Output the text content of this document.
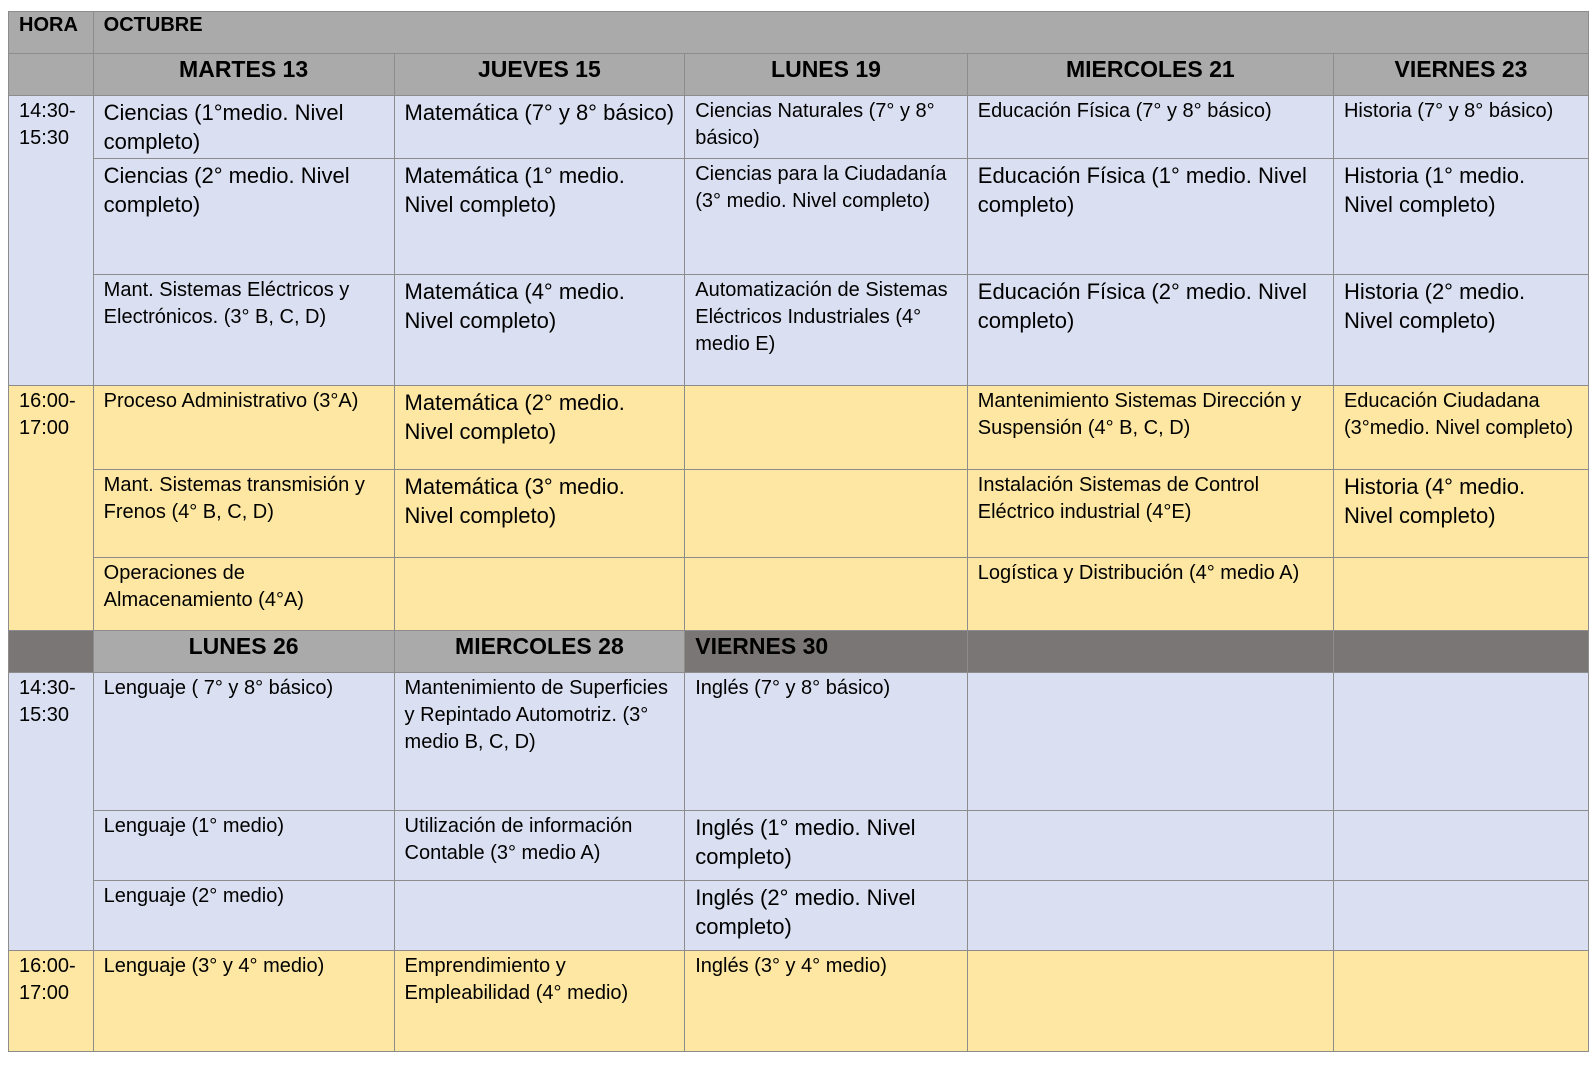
HORA	OCTUBRE				
	MARTES 13	JUEVES 15	LUNES 19	MIERCOLES 21	VIERNES 23
14:30-
15:30	Ciencias (1°medio. Nivel completo)	Matemática (7° y 8° básico)	Ciencias Naturales (7° y 8° básico)	Educación Física (7° y 8° básico)	Historia (7° y 8° básico)
	Ciencias (2° medio. Nivel completo)	Matemática (1° medio. Nivel completo)	Ciencias para la Ciudadanía (3° medio. Nivel completo)	Educación Física (1° medio. Nivel completo)	Historia (1° medio. Nivel completo)
	Mant. Sistemas Eléctricos y Electrónicos. (3° B, C, D)	Matemática (4° medio. Nivel completo)	Automatización de Sistemas Eléctricos Industriales (4° medio E)	Educación Física (2° medio. Nivel completo)	Historia (2° medio. Nivel completo)
16:00-
17:00	Proceso Administrativo (3°A)	Matemática (2° medio. Nivel completo)		Mantenimiento Sistemas Dirección y Suspensión (4° B, C, D)	Educación Ciudadana (3°medio. Nivel completo)
	Mant. Sistemas transmisión y Frenos (4° B, C, D)	Matemática (3° medio. Nivel completo)		Instalación Sistemas de Control Eléctrico industrial (4°E)	Historia (4° medio. Nivel completo)
	Operaciones de Almacenamiento (4°A)			Logística y Distribución (4° medio A)	
	LUNES 26	MIERCOLES 28	VIERNES 30		
14:30-
15:30	Lenguaje ( 7° y 8° básico)	Mantenimiento de Superficies y Repintado Automotriz. (3° medio B, C, D)	Inglés (7° y 8° básico)		
	Lenguaje (1° medio)	Utilización de información Contable (3° medio A)	Inglés (1° medio. Nivel completo)		
	Lenguaje (2° medio)		Inglés (2° medio. Nivel completo)		
16:00-
17:00	Lenguaje (3° y 4° medio)	Emprendimiento y Empleabilidad (4° medio)	Inglés (3° y 4° medio)		
